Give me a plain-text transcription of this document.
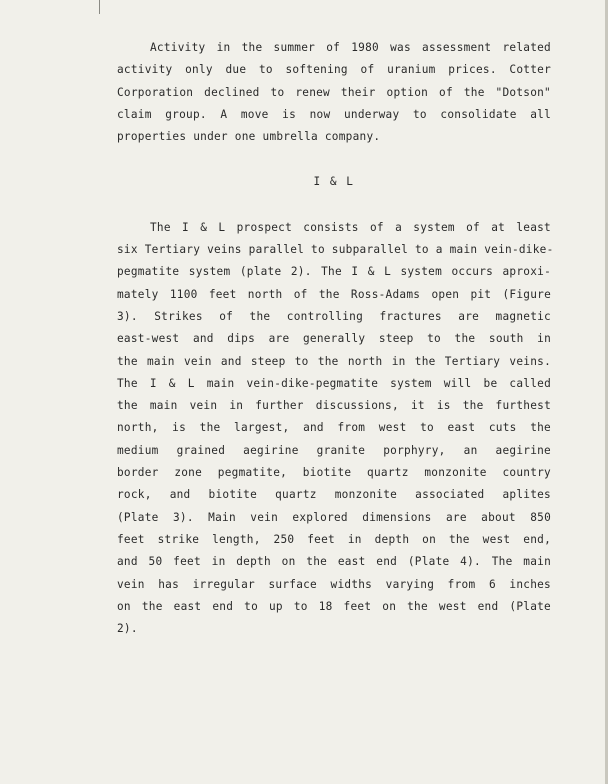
Activity in the summer of 1980 was assessment related
activity only due to softening of uranium prices. Cotter
Corporation declined to renew their option of the "Dotson"
claim group. A move is now underway to consolidate all
properties under one umbrella company.
I & L
The I & L prospect consists of a system of at least
six Tertiary veins parallel to subparallel to a main vein-dike-
pegmatite system (plate 2). The I & L system occurs aproxi-
mately 1100 feet north of the Ross-Adams open pit (Figure
3). Strikes of the controlling fractures are magnetic
east-west and dips are generally steep to the south in
the main vein and steep to the north in the Tertiary veins.
The I & L main vein-dike-pegmatite system will be called
the main vein in further discussions, it is the furthest
north, is the largest, and from west to east cuts the
medium grained aegirine granite porphyry, an aegirine
border zone pegmatite, biotite quartz monzonite country
rock, and biotite quartz monzonite associated aplites
(Plate 3). Main vein explored dimensions are about 850
feet strike length, 250 feet in depth on the west end,
and 50 feet in depth on the east end (Plate 4). The main
vein has irregular surface widths varying from 6 inches
on the east end to up to 18 feet on the west end (Plate
2).
